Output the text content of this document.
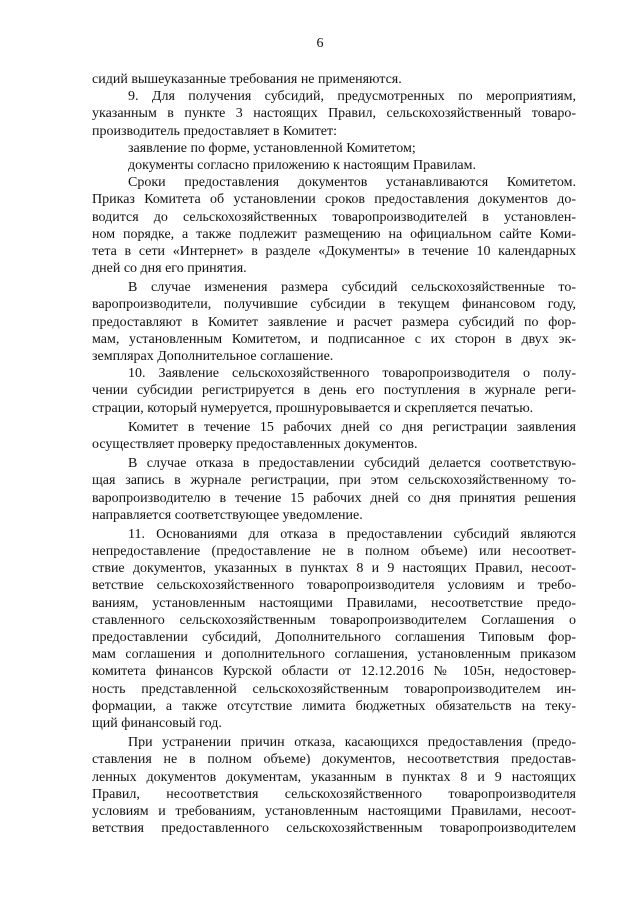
6
сидий вышеуказанные требования не применяются.
9. Для получения субсидий, предусмотренных по мероприятиям,
указанным в пункте 3 настоящих Правил, сельскохозяйственный товаро-
производитель предоставляет в Комитет:
заявление по форме, установленной Комитетом;
документы согласно приложению к настоящим Правилам.
Сроки предоставления документов устанавливаются Комитетом.
Приказ Комитета об установлении сроков предоставления документов до-
водится до сельскохозяйственных товаропроизводителей в установлен-
ном порядке, а также подлежит размещению на официальном сайте Коми-
тета в сети «Интернет» в разделе «Документы» в течение 10 календарных
дней со дня его принятия.
В случае изменения размера субсидий сельскохозяйственные то-
варопроизводители, получившие субсидии в текущем финансовом году,
предоставляют в Комитет заявление и расчет размера субсидий по фор-
мам, установленным Комитетом, и подписанное с их сторон в двух эк-
земплярах Дополнительное соглашение.
10. Заявление сельскохозяйственного товаропроизводителя о полу-
чении субсидии регистрируется в день его поступления в журнале реги-
страции, который нумеруется, прошнуровывается и скрепляется печатью.
Комитет в течение 15 рабочих дней со дня регистрации заявления
осуществляет проверку предоставленных документов.
В случае отказа в предоставлении субсидий делается соответствую-
щая запись в журнале регистрации, при этом сельскохозяйственному то-
варопроизводителю в течение 15 рабочих дней со дня принятия решения
направляется соответствующее уведомление.
11. Основаниями для отказа в предоставлении субсидий являются
непредоставление (предоставление не в полном объеме) или несоответ-
ствие документов, указанных в пунктах 8 и 9 настоящих Правил, несоот-
ветствие сельскохозяйственного товаропроизводителя условиям и требо-
ваниям, установленным настоящими Правилами, несоответствие предо-
ставленного сельскохозяйственным товаропроизводителем Соглашения о
предоставлении субсидий, Дополнительного соглашения Типовым фор-
мам соглашения и дополнительного соглашения, установленным приказом
комитета финансов Курской области от 12.12.2016 № 105н, недостовер-
ность представленной сельскохозяйственным товаропроизводителем ин-
формации, а также отсутствие лимита бюджетных обязательств на теку-
щий финансовый год.
При устранении причин отказа, касающихся предоставления (предо-
ставления не в полном объеме) документов, несоответствия предостав-
ленных документов документам, указанным в пунктах 8 и 9 настоящих
Правил, несоответствия сельскохозяйственного товаропроизводителя
условиям и требованиям, установленным настоящими Правилами, несоот-
ветствия предоставленного сельскохозяйственным товаропроизводителем
